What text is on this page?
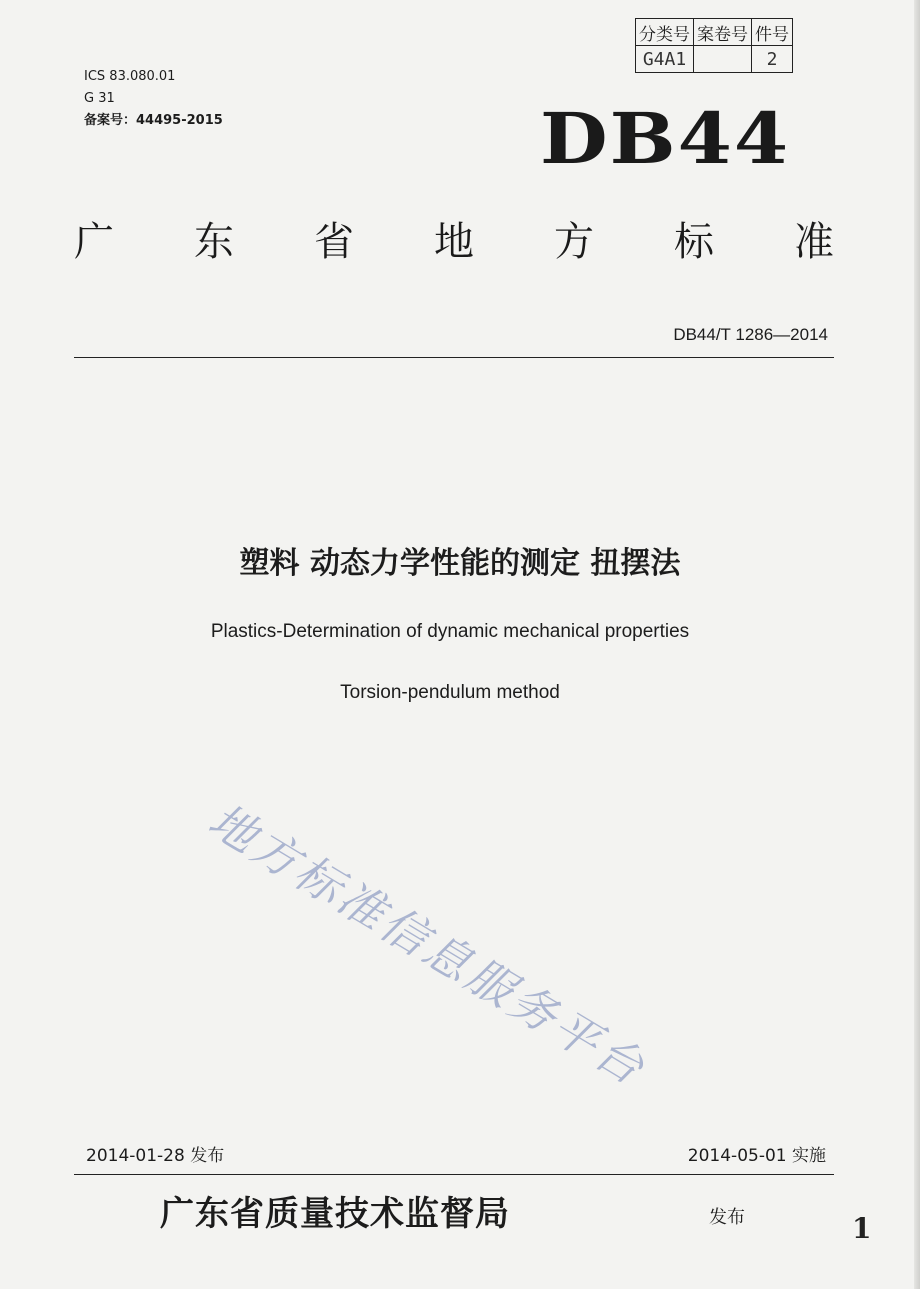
ICS 83.080.01
G 31
备案号：44495-2015
分类号	案卷号	件号
G4A1		2
DB44
广 东 省 地 方 标 准
DB44/T 1286—2014
塑料 动态力学性能的测定 扭摆法
Plastics-Determination of dynamic mechanical properties
Torsion-pendulum method
地方标准信息服务平台
2014-01-28 发布	2014-05-01 实施
广东省质量技术监督局	发布	1
